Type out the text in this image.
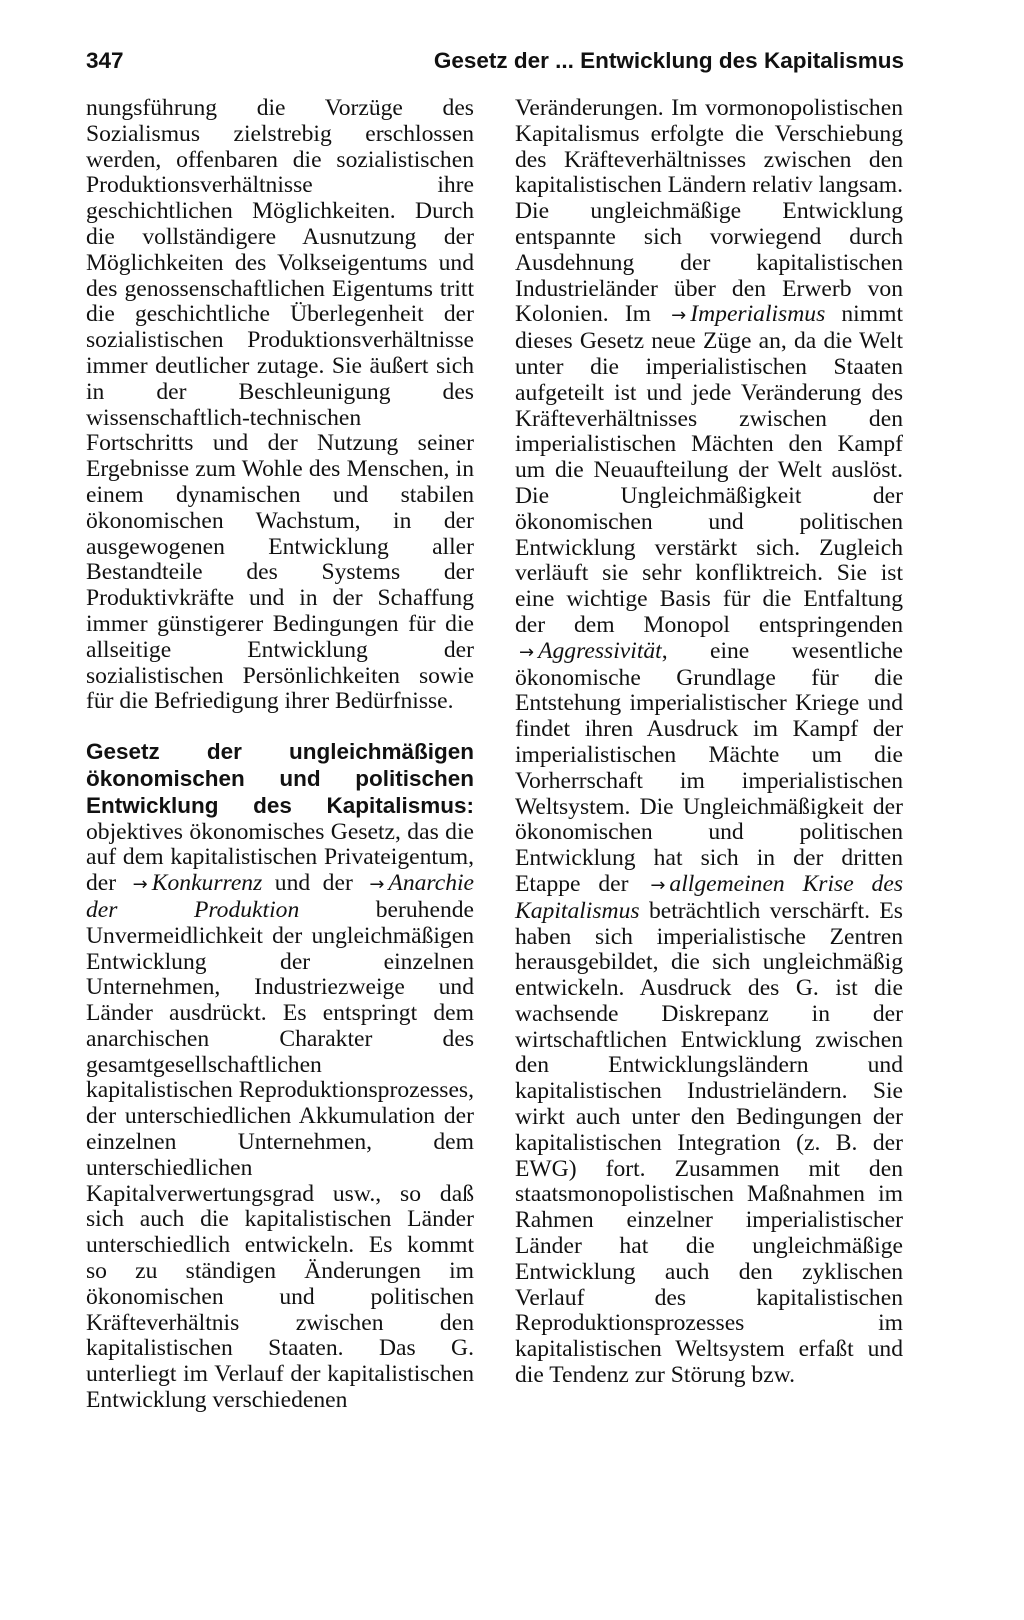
347	Gesetz der ... Entwicklung des Kapitalismus

nungsführung die Vorzüge des Sozialismus zielstrebig erschlossen werden, offenbaren die sozialistischen Produktionsverhältnisse ihre geschichtlichen Möglichkeiten. Durch die vollständigere Ausnutzung der Möglichkeiten des Volkseigentums und des genossenschaftlichen Eigentums tritt die geschichtliche Überlegenheit der sozialistischen Produktionsverhältnisse immer deutlicher zutage. Sie äußert sich in der Beschleunigung des wissenschaftlich-technischen Fortschritts und der Nutzung seiner Ergebnisse zum Wohle des Menschen, in einem dynamischen und stabilen ökonomischen Wachstum, in der ausgewogenen Entwicklung aller Bestandteile des Systems der Produktivkräfte und in der Schaffung immer günstigerer Bedingungen für die allseitige Entwicklung der sozialistischen Persönlichkeiten sowie für die Befriedigung ihrer Bedürfnisse.

Gesetz der ungleichmäßigen ökonomischen und politischen Entwicklung des Kapitalismus: objektives ökonomisches Gesetz, das die auf dem kapitalistischen Privateigentum, der → Konkurrenz und der → Anarchie der Produktion beruhende Unvermeidlichkeit der ungleichmäßigen Entwicklung der einzelnen Unternehmen, Industriezweige und Länder ausdrückt. Es entspringt dem anarchischen Charakter des gesamtgesellschaftlichen kapitalistischen Reproduktionsprozesses, der unterschiedlichen Akkumulation der einzelnen Unternehmen, dem unterschiedlichen Kapitalverwertungsgrad usw., so daß sich auch die kapitalistischen Länder unterschiedlich entwickeln. Es kommt so zu ständigen Änderungen im ökonomischen und politischen Kräfteverhältnis zwischen den kapitalistischen Staaten. Das G. unterliegt im Verlauf der kapitalistischen Entwicklung verschiedenen

Veränderungen. Im vormonopolistischen Kapitalismus erfolgte die Verschiebung des Kräfteverhältnisses zwischen den kapitalistischen Ländern relativ langsam. Die ungleichmäßige Entwicklung entspannte sich vorwiegend durch Ausdehnung der kapitalistischen Industrieländer über den Erwerb von Kolonien. Im → Imperialismus nimmt dieses Gesetz neue Züge an, da die Welt unter die imperialistischen Staaten aufgeteilt ist und jede Veränderung des Kräfteverhältnisses zwischen den imperialistischen Mächten den Kampf um die Neuaufteilung der Welt auslöst. Die Ungleichmäßigkeit der ökonomischen und politischen Entwicklung verstärkt sich. Zugleich verläuft sie sehr konfliktreich. Sie ist eine wichtige Basis für die Entfaltung der dem Monopol entspringenden → Aggressivität, eine wesentliche ökonomische Grundlage für die Entstehung imperialistischer Kriege und findet ihren Ausdruck im Kampf der imperialistischen Mächte um die Vorherrschaft im imperialistischen Weltsystem. Die Ungleichmäßigkeit der ökonomischen und politischen Entwicklung hat sich in der dritten Etappe der → allgemeinen Krise des Kapitalismus beträchtlich verschärft. Es haben sich imperialistische Zentren herausgebildet, die sich ungleichmäßig entwickeln. Ausdruck des G. ist die wachsende Diskrepanz in der wirtschaftlichen Entwicklung zwischen den Entwicklungsländern und kapitalistischen Industrieländern. Sie wirkt auch unter den Bedingungen der kapitalistischen Integration (z. B. der EWG) fort. Zusammen mit den staatsmonopolistischen Maßnahmen im Rahmen einzelner imperialistischer Länder hat die ungleichmäßige Entwicklung auch den zyklischen Verlauf des kapitalistischen Reproduktionsprozesses im kapitalistischen Weltsystem erfaßt und die Tendenz zur Störung bzw.
